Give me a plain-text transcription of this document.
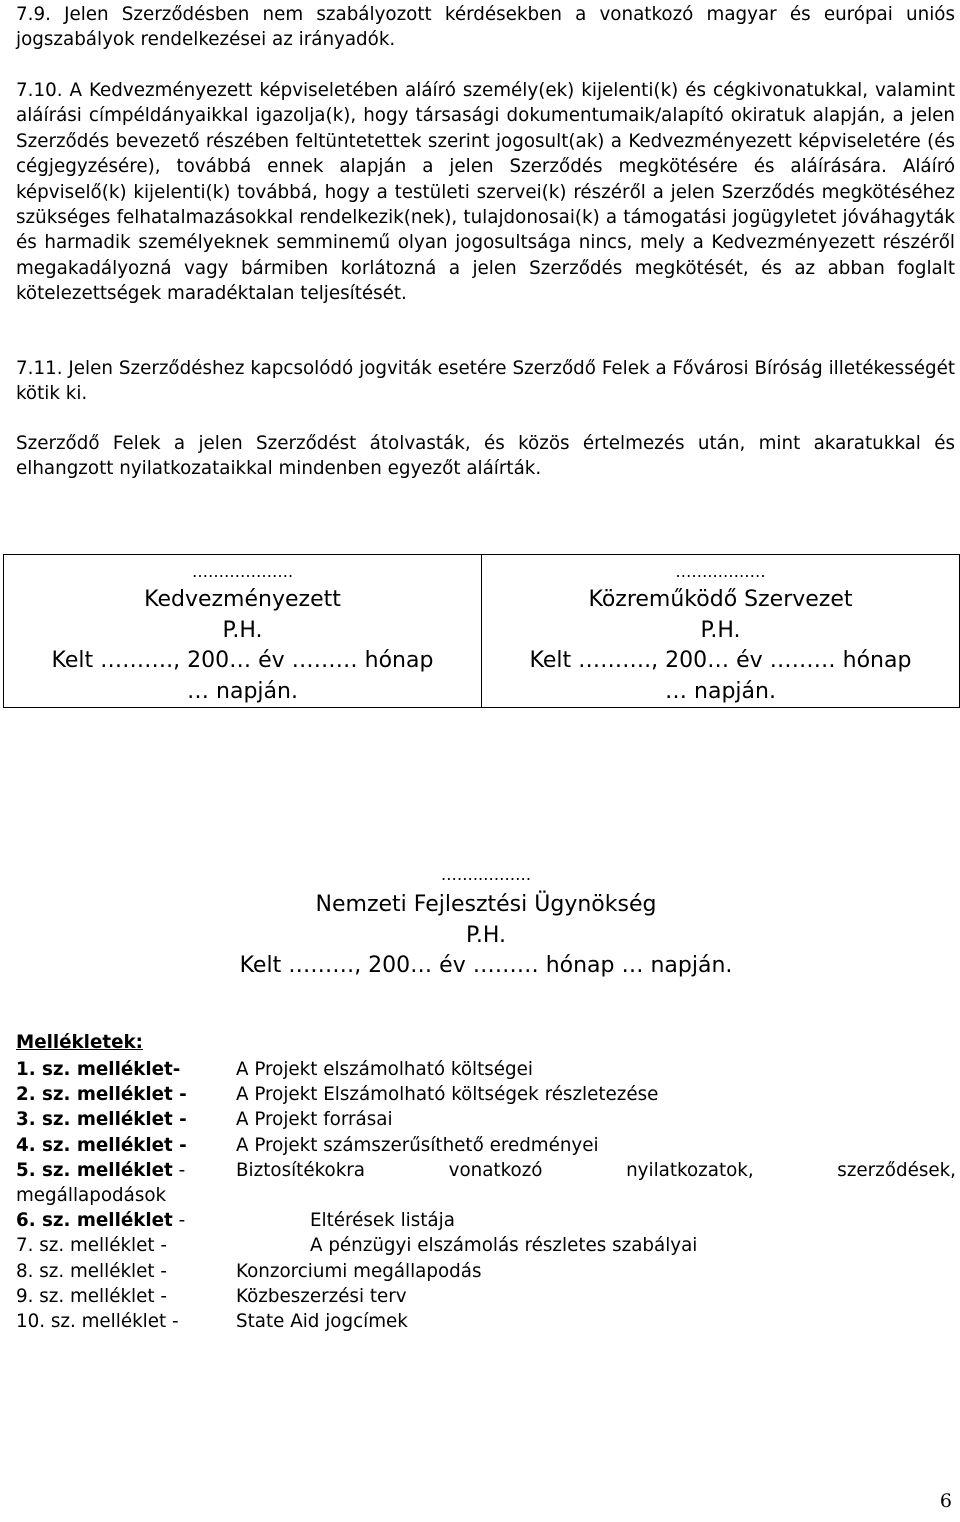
7.9. Jelen Szerződésben nem szabályozott kérdésekben a vonatkozó magyar és európai uniós jogszabályok rendelkezései az irányadók.

7.10. A Kedvezményezett képviseletében aláíró személy(ek) kijelenti(k) és cégkivonatukkal, valamint aláírási címpéldányaikkal igazolja(k), hogy társasági dokumentumaik/alapító okiratuk alapján, a jelen Szerződés bevezető részében feltüntetettek szerint jogosult(ak) a Kedvezményezett képviseletére (és cégjegyzésére), továbbá ennek alapján a jelen Szerződés megkötésére és aláírására. Aláíró képviselő(k) kijelenti(k) továbbá, hogy a testületi szervei(k) részéről a jelen Szerződés megkötéséhez szükséges felhatalmazásokkal rendelkezik(nek), tulajdonosai(k) a támogatási jogügyletet jóváhagyták és harmadik személyeknek semminemű olyan jogosultsága nincs, mely a Kedvezményezett részéről megakadályozná vagy bármiben korlátozná a jelen Szerződés megkötését, és az abban foglalt kötelezettségek maradéktalan teljesítését.

7.11. Jelen Szerződéshez kapcsolódó jogviták esetére Szerződő Felek a Fővárosi Bíróság illetékességét kötik ki.

Szerződő Felek a jelen Szerződést átolvasták, és közös értelmezés után, mint akaratukkal és elhangzott nyilatkozataikkal mindenben egyezőt aláírták.

……………….
Kedvezményezett
P.H.
Kelt ………., 200… év ……… hónap
… napján.

……..………
Közreműködő Szervezet
P.H.
Kelt ………., 200… év ……… hónap
… napján.
……..………
Nemzeti Fejlesztési Ügynökség
P.H.
Kelt ………, 200… év ……… hónap … napján.
Mellékletek:
1. sz. melléklet-	A Projekt elszámolható költségei
2. sz. melléklet -	A Projekt Elszámolható költségek részletezése
3. sz. melléklet -	A Projekt forrásai
4. sz. melléklet -	A Projekt számszerűsíthető eredményei
5. sz. melléklet -	Biztosítékokra vonatkozó nyilatkozatok, szerződések,
megállapodások
6. sz. melléklet -	Eltérések listája
7. sz. melléklet -	A pénzügyi elszámolás részletes szabályai
8. sz. melléklet -	Konzorciumi megállapodás
9. sz. melléklet -	Közbeszerzési terv
10. sz. melléklet -	State Aid jogcímek
6
